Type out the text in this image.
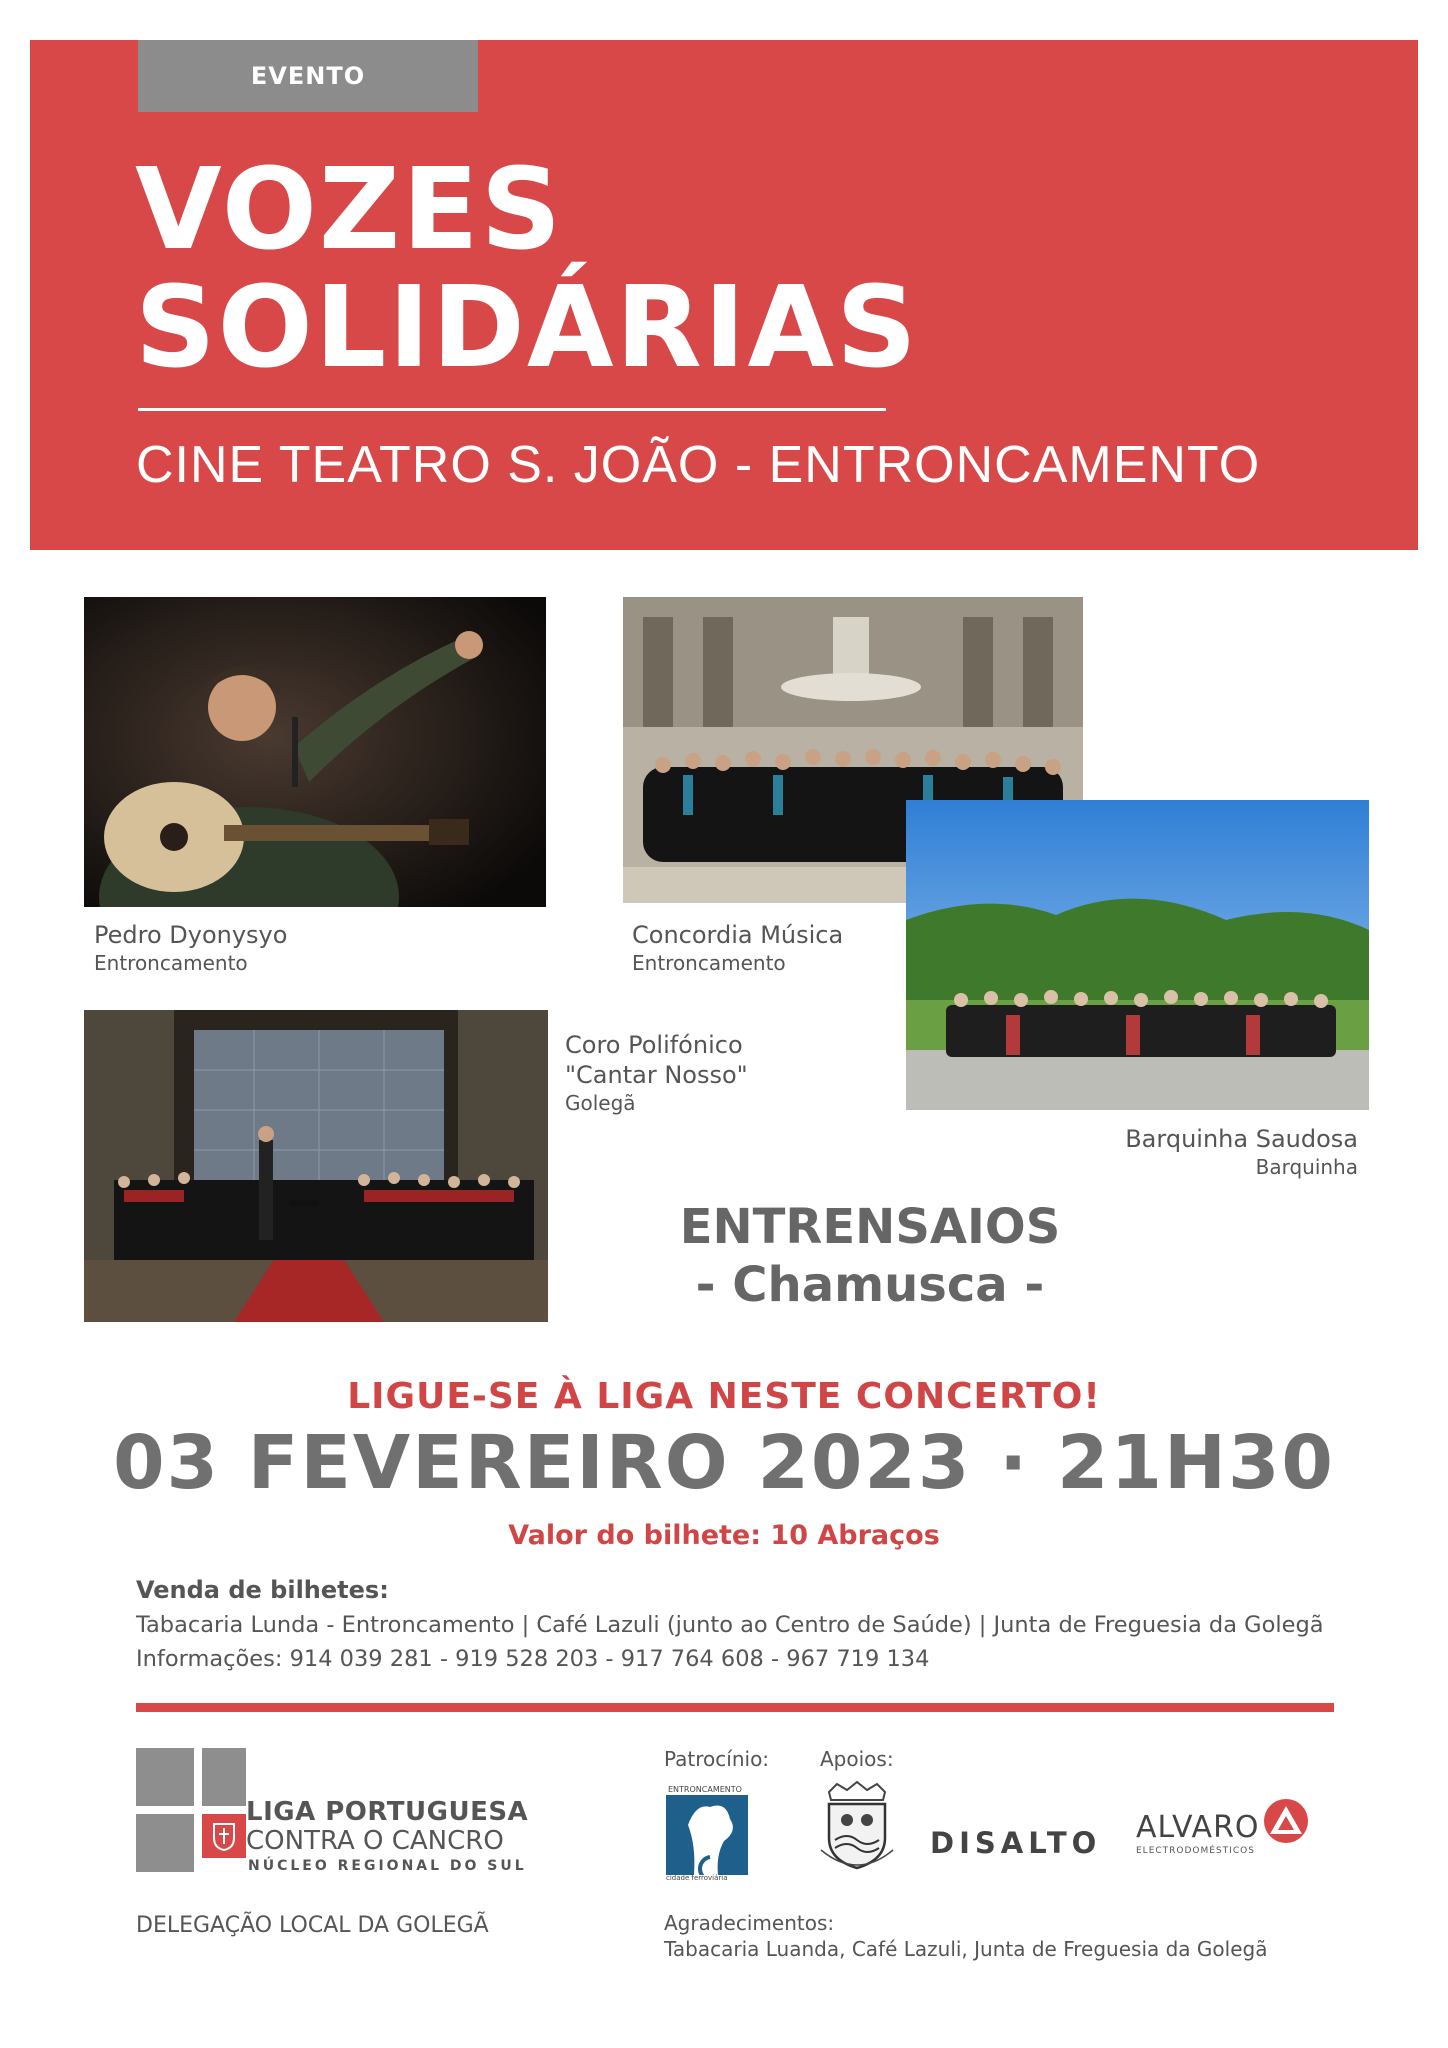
EVENTO
VOZES
SOLIDÁRIAS
CINE TEATRO S. JOÃO - ENTRONCAMENTO
Pedro Dyonysyo
Entroncamento
Concordia Música
Entroncamento
Barquinha Saudosa
Barquinha
Coro Polifónico
"Cantar Nosso"
Golegã
ENTRENSAIOS
- Chamusca -
LIGUE-SE À LIGA NESTE CONCERTO!
03 FEVEREIRO 2023 · 21H30
Valor do bilhete: 10 Abraços
Venda de bilhetes:
Tabacaria Lunda - Entroncamento | Café Lazuli (junto ao Centro de Saúde) | Junta de Freguesia da Golegã
Informações: 914 039 281 - 919 528 203 - 917 764 608 - 967 719 134
LIGA PORTUGUESA
CONTRA O CANCRO
NÚCLEO REGIONAL DO SUL
DELEGAÇÃO LOCAL DA GOLEGÃ
Patrocínio:	Apoios:
ENTRONCAMENTO
cidade ferroviária
DISALTO ALVARO
ELECTRODOMÉSTICOS
Agradecimentos:
Tabacaria Luanda, Café Lazuli, Junta de Freguesia da Golegã
